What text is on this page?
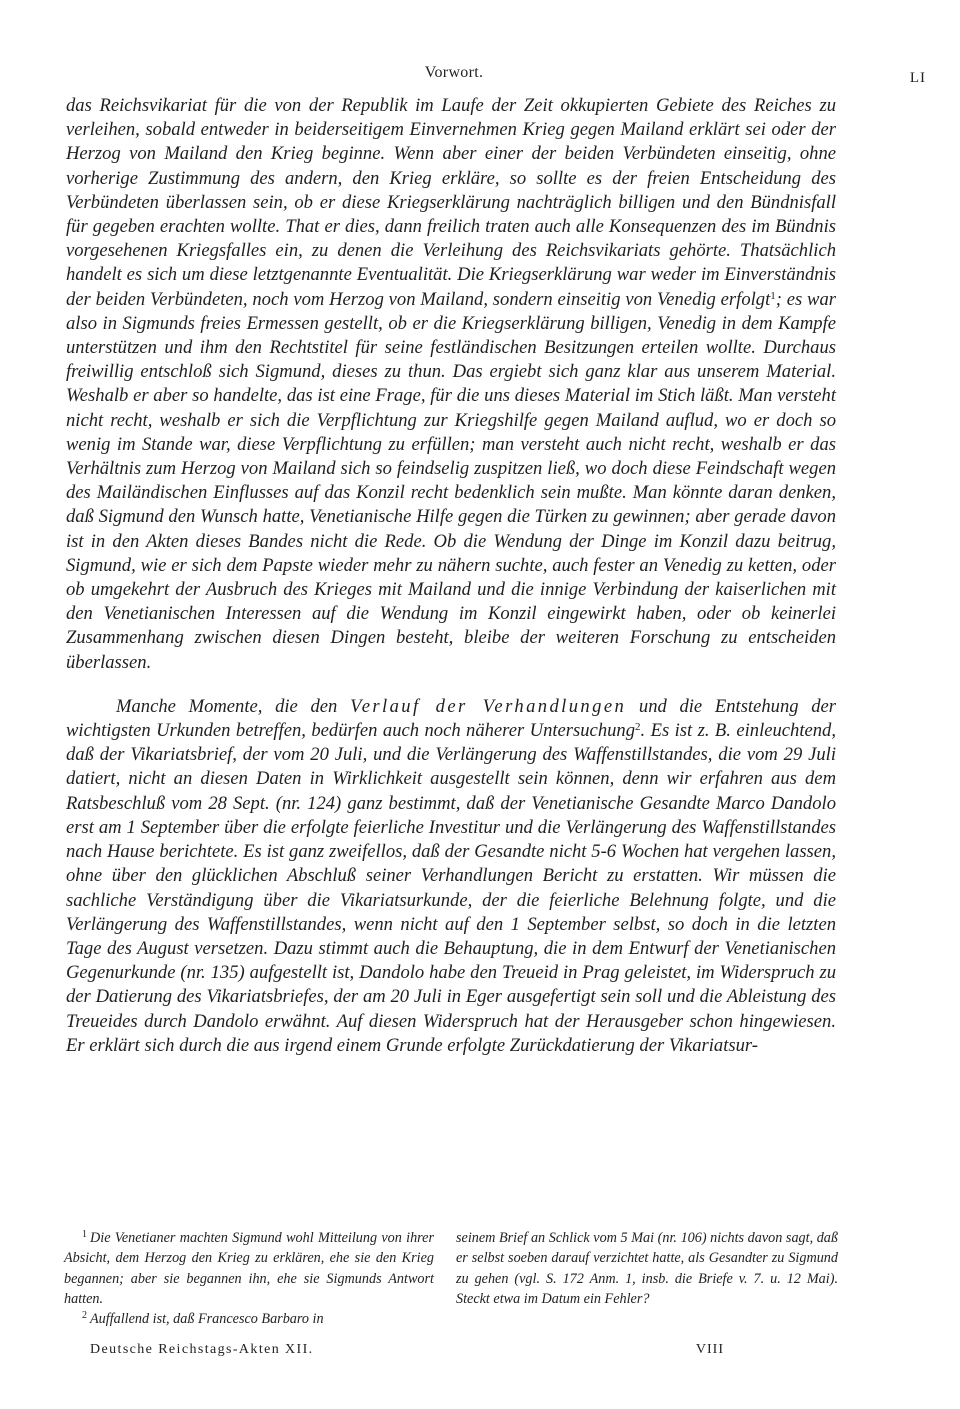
Vorwort.	LI

das Reichsvikariat für die von der Republik im Laufe der Zeit okkupierten Gebiete des Reiches zu verleihen, sobald entweder in beiderseitigem Einvernehmen Krieg gegen Mailand erklärt sei oder der Herzog von Mailand den Krieg beginne. Wenn aber einer der beiden Verbündeten einseitig, ohne vorherige Zustimmung des andern, den Krieg erkläre, so sollte es der freien Entscheidung des Verbündeten überlassen sein, ob er diese Kriegserklärung nachträglich billigen und den Bündnisfall für gegeben erachten wollte. That er dies, dann freilich traten auch alle Konsequenzen des im Bündnis vorgesehenen Kriegsfalles ein, zu denen die Verleihung des Reichsvikariats gehörte. Thatsächlich handelt es sich um diese letztgenannte Eventualität. Die Kriegserklärung war weder im Einverständnis der beiden Verbündeten, noch vom Herzog von Mailand, sondern einseitig von Venedig erfolgt$^1$; es war also in Sigmunds freies Ermessen gestellt, ob er die Kriegserklärung billigen, Venedig in dem Kampfe unterstützen und ihm den Rechtstitel für seine festländischen Besitzungen erteilen wollte. Durchaus freiwillig entschloß sich Sigmund, dieses zu thun. Das ergiebt sich ganz klar aus unserem Material. Weshalb er aber so handelte, das ist eine Frage, für die uns dieses Material im Stich läßt. Man versteht nicht recht, weshalb er sich die Verpflichtung zur Kriegshilfe gegen Mailand auflud, wo er doch so wenig im Stande war, diese Verpflichtung zu erfüllen; man versteht auch nicht recht, weshalb er das Verhältnis zum Herzog von Mailand sich so feindselig zuspitzen ließ, wo doch diese Feindschaft wegen des Mailändischen Einflusses auf das Konzil recht bedenklich sein mußte. Man könnte daran denken, daß Sigmund den Wunsch hatte, Venetianische Hilfe gegen die Türken zu gewinnen; aber gerade davon ist in den Akten dieses Bandes nicht die Rede. Ob die Wendung der Dinge im Konzil dazu beitrug, Sigmund, wie er sich dem Papste wieder mehr zu nähern suchte, auch fester an Venedig zu ketten, oder ob umgekehrt der Ausbruch des Krieges mit Mailand und die innige Verbindung der kaiserlichen mit den Venetianischen Interessen auf die Wendung im Konzil eingewirkt haben, oder ob keinerlei Zusammenhang zwischen diesen Dingen besteht, bleibe der weiteren Forschung zu entscheiden überlassen.

Manche Momente, die den Verlauf der Verhandlungen und die Entstehung der wichtigsten Urkunden betreffen, bedürfen auch noch näherer Untersuchung$^2$. Es ist z. B. einleuchtend, daß der Vikariatsbrief, der vom 20 Juli, und die Verlängerung des Waffenstillstandes, die vom 29 Juli datiert, nicht an diesen Daten in Wirklichkeit ausgestellt sein können, denn wir erfahren aus dem Ratsbeschluß vom 28 Sept. (nr. 124) ganz bestimmt, daß der Venetianische Gesandte Marco Dandolo erst am 1 September über die erfolgte feierliche Investitur und die Verlängerung des Waffenstillstandes nach Hause berichtete. Es ist ganz zweifellos, daß der Gesandte nicht 5-6 Wochen hat vergehen lassen, ohne über den glücklichen Abschluß seiner Verhandlungen Bericht zu erstatten. Wir müssen die sachliche Verständigung über die Vikariatsurkunde, der die feierliche Belehnung folgte, und die Verlängerung des Waffenstillstandes, wenn nicht auf den 1 September selbst, so doch in die letzten Tage des August versetzen. Dazu stimmt auch die Behauptung, die in dem Entwurf der Venetianischen Gegenurkunde (nr. 135) aufgestellt ist, Dandolo habe den Treueid in Prag geleistet, im Widerspruch zu der Datierung des Vikariatsbriefes, der am 20 Juli in Eger ausgefertigt sein soll und die Ableistung des Treueides durch Dandolo erwähnt. Auf diesen Widerspruch hat der Herausgeber schon hingewiesen. Er erklärt sich durch die aus irgend einem Grunde erfolgte Zurückdatierung der Vikariatsur-

$^1$ Die Venetianer machten Sigmund wohl Mitteilung von ihrer Absicht, dem Herzog den Krieg zu erklären, ehe sie den Krieg begannen; aber sie begannen ihn, ehe sie Sigmunds Antwort hatten.

$^2$ Auffallend ist, daß Francesco Barbaro in

seinem Brief an Schlick vom 5 Mai (nr. 106) nichts davon sagt, daß er selbst soeben darauf verzichtet hatte, als Gesandter zu Sigmund zu gehen (vgl. S. 172 Anm. 1, insb. die Briefe v. 7. u. 12 Mai). Steckt etwa im Datum ein Fehler?

Deutsche Reichstags-Akten XII.	VIII
